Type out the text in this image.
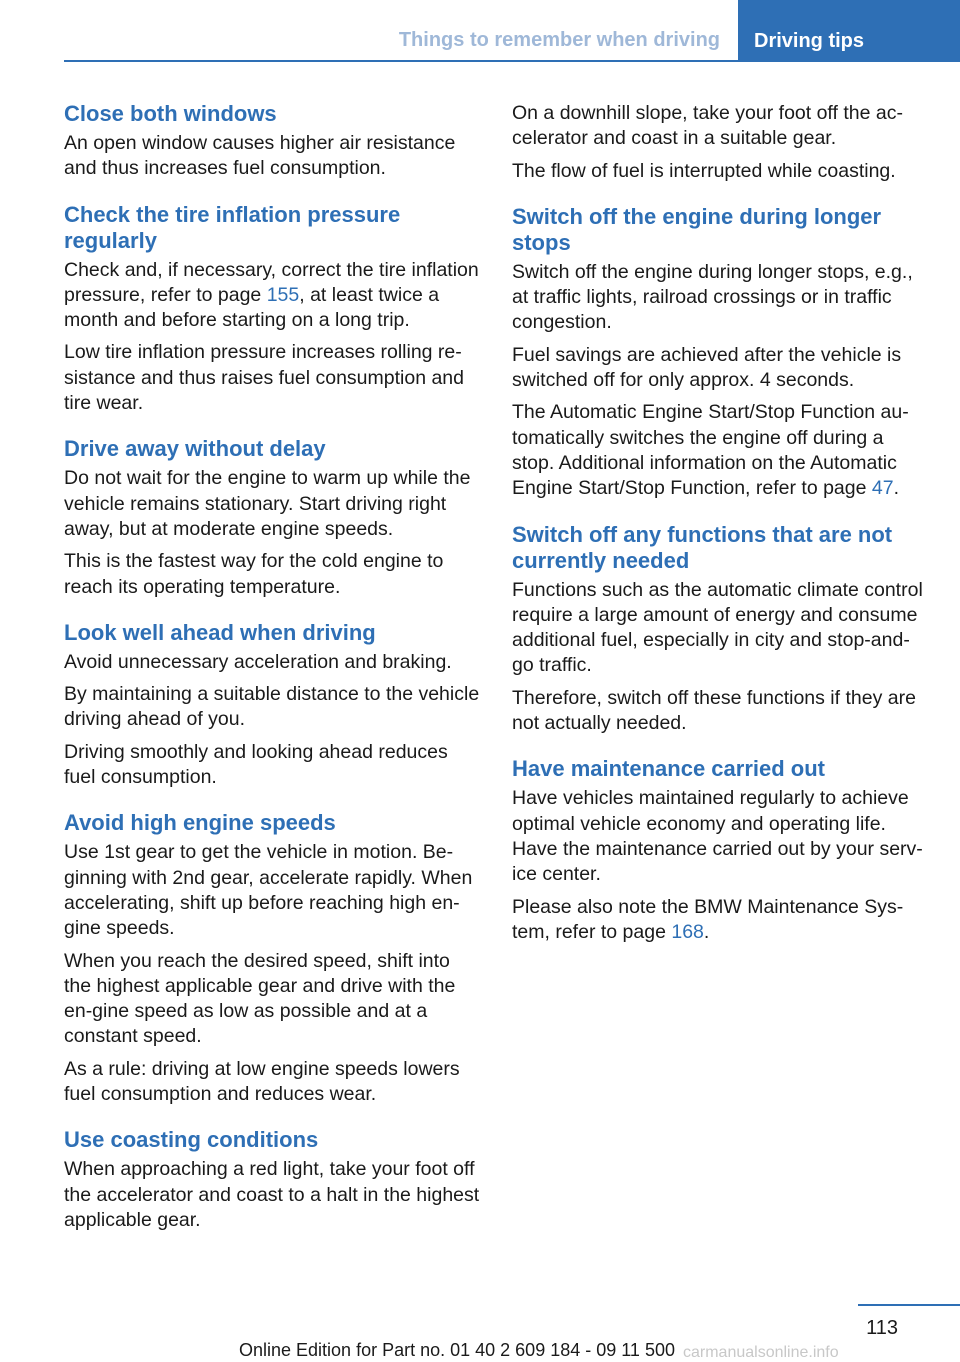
Things to remember when driving	Driving tips
Close both windows

An open window causes higher air resistance and thus increases fuel consumption.

Check the tire inflation pressure regularly

Check and, if necessary, correct the tire inflation pressure, refer to page 155, at least twice a month and before starting on a long trip.

Low tire inflation pressure increases rolling re-sistance and thus raises fuel consumption and tire wear.

Drive away without delay

Do not wait for the engine to warm up while the vehicle remains stationary. Start driving right away, but at moderate engine speeds.

This is the fastest way for the cold engine to reach its operating temperature.

Look well ahead when driving

Avoid unnecessary acceleration and braking.

By maintaining a suitable distance to the vehicle driving ahead of you.

Driving smoothly and looking ahead reduces fuel consumption.

Avoid high engine speeds

Use 1st gear to get the vehicle in motion. Be-ginning with 2nd gear, accelerate rapidly. When accelerating, shift up before reaching high en-gine speeds.

When you reach the desired speed, shift into the highest applicable gear and drive with the en-gine speed as low as possible and at a constant speed.

As a rule: driving at low engine speeds lowers fuel consumption and reduces wear.

Use coasting conditions

When approaching a red light, take your foot off the accelerator and coast to a halt in the highest applicable gear.

On a downhill slope, take your foot off the ac-celerator and coast in a suitable gear.

The flow of fuel is interrupted while coasting.

Switch off the engine during longer stops

Switch off the engine during longer stops, e.g., at traffic lights, railroad crossings or in traffic congestion.

Fuel savings are achieved after the vehicle is switched off for only approx. 4 seconds.

The Automatic Engine Start/Stop Function au-tomatically switches the engine off during a stop. Additional information on the Automatic Engine Start/Stop Function, refer to page 47.

Switch off any functions that are not currently needed

Functions such as the automatic climate control require a large amount of energy and consume additional fuel, especially in city and stop-and-go traffic.

Therefore, switch off these functions if they are not actually needed.

Have maintenance carried out

Have vehicles maintained regularly to achieve optimal vehicle economy and operating life. Have the maintenance carried out by your serv-ice center.

Please also note the BMW Maintenance Sys-tem, refer to page 168.

113
Online Edition for Part no. 01 40 2 609 184 - 09 11 500 carmanualsonline.info
